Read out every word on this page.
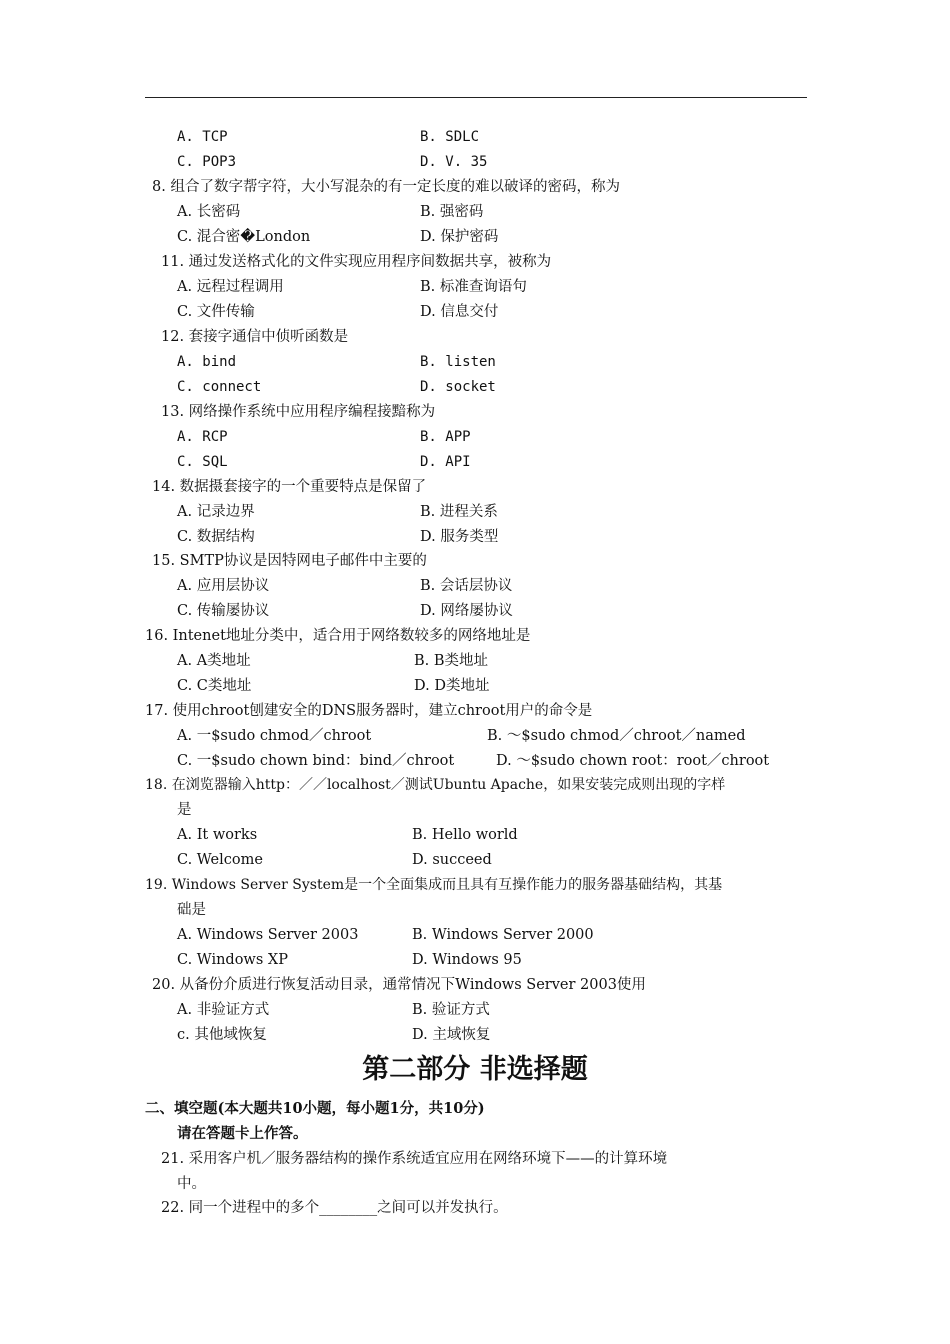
A. TCP	B. SDLC
C. POP3	D. V. 35
8. 组合了数字帮字符，大小写混杂的有一定长度的难以破译的密码，称为
A. 长密码	B. 强密码
C. 混合密�London	D. 保护密码
11. 通过发送格式化的文件实现应用程序间数据共享，被称为
A. 远程过程调用	B. 标准查询语句
C. 文件传输	D. 信息交付
12. 套接字通信中侦听函数是
A. bind	B. listen
C. connect	D. socket
13. 网络操作系统中应用程序编程接黯称为
A. RCP	B. APP
C. SQL	D. API
14. 数据摄套接字的一个重要特点是保留了
A. 记录边界	B. 进程关系
C. 数据结构	D. 服务类型
15. SMTP协议是因特网电子邮件中主要的
A. 应用层协议	B. 会话层协议
C. 传输屡协议	D. 网络屡协议
16. Intenet地址分类中，适合用于网络数较多的网络地址是
A. A类地址	B. B类地址
C. C类地址	D. D类地址
17. 使用chroot刨建安全的DNS服务器时，建立chroot用户的命令是
A. 一$sudo chmod／chroot	B. ～$sudo chmod／chroot／named
C. 一$sudo chown bind：bind／chroot	D. ～$sudo chown root：root／chroot
18. 在浏览器输入http：／／localhost／测试Ubuntu Apache，如果安装完成则出现的字样
是
A. It works	B. Hello world
C. Welcome	D. succeed
19. Windows Server System是一个全面集成而且具有互操作能力的服务器基础结构，其基
础是
A. Windows Server 2003	B. Windows Server 2000
C. Windows XP	D. Windows 95
20. 从备份介质进行恢复活动目录，通常情况下Windows Server 2003使用
A. 非验证方式	B. 验证方式
c. 其他域恢复	D. 主域恢复
第二部分 非选择题
二、填空题(本大题共10小题，每小题1分，共10分)
请在答题卡上作答。
21. 采用客户机／服务器结构的操作系统适宜应用在网络环境下——的计算环境
中。
22. 同一个进程中的多个________之间可以并发执行。
